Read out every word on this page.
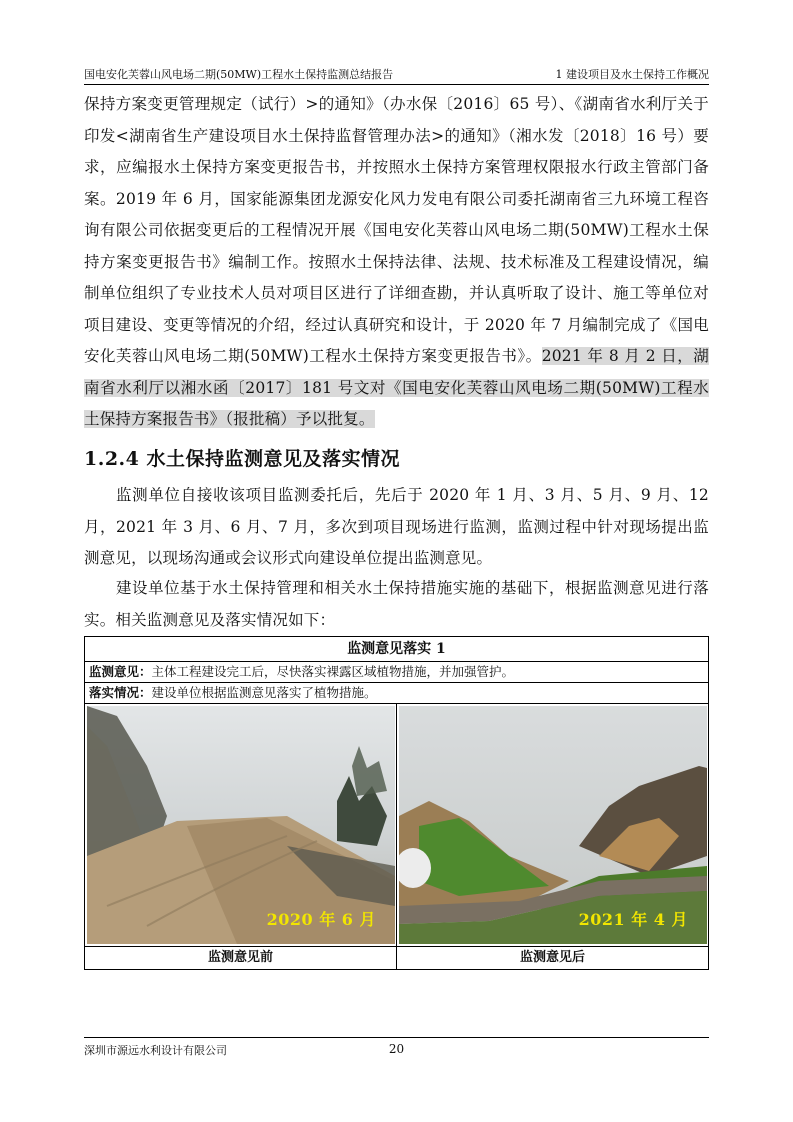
国电安化芙蓉山风电场二期(50MW)工程水土保持监测总结报告	1 建设项目及水土保持工作概况

保持方案变更管理规定（试行）>的通知》（办水保〔2016〕65 号）、《湖南省水利厅关于印发<湖南省生产建设项目水土保持监督管理办法>的通知》（湘水发〔2018〕16 号）要求，应编报水土保持方案变更报告书，并按照水土保持方案管理权限报水行政主管部门备案。2019 年 6 月，国家能源集团龙源安化风力发电有限公司委托湖南省三九环境工程咨询有限公司依据变更后的工程情况开展《国电安化芙蓉山风电场二期(50MW)工程水土保持方案变更报告书》编制工作。按照水土保持法律、法规、技术标准及工程建设情况，编制单位组织了专业技术人员对项目区进行了详细查勘，并认真听取了设计、施工等单位对项目建设、变更等情况的介绍，经过认真研究和设计，于 2020 年 7 月编制完成了《国电安化芙蓉山风电场二期(50MW)工程水土保持方案变更报告书》。2021 年 8 月 2 日，湖南省水利厅以湘水函〔2017〕181 号文对《国电安化芙蓉山风电场二期(50MW)工程水土保持方案报告书》（报批稿）予以批复。

1.2.4 水土保持监测意见及落实情况

监测单位自接收该项目监测委托后，先后于 2020 年 1 月、3 月、5 月、9 月、12 月，2021 年 3 月、6 月、7 月，多次到项目现场进行监测，监测过程中针对现场提出监测意见，以现场沟通或会议形式向建设单位提出监测意见。

建设单位基于水土保持管理和相关水土保持措施实施的基础下，根据监测意见进行落实。相关监测意见及落实情况如下：

监测意见落实 1
监测意见：主体工程建设完工后，尽快落实裸露区域植物措施，并加强管护。
落实情况：建设单位根据监测意见落实了植物措施。
2020 年 6 月	2021 年 4 月
监测意见前	监测意见后
深圳市源远水利设计有限公司	20
